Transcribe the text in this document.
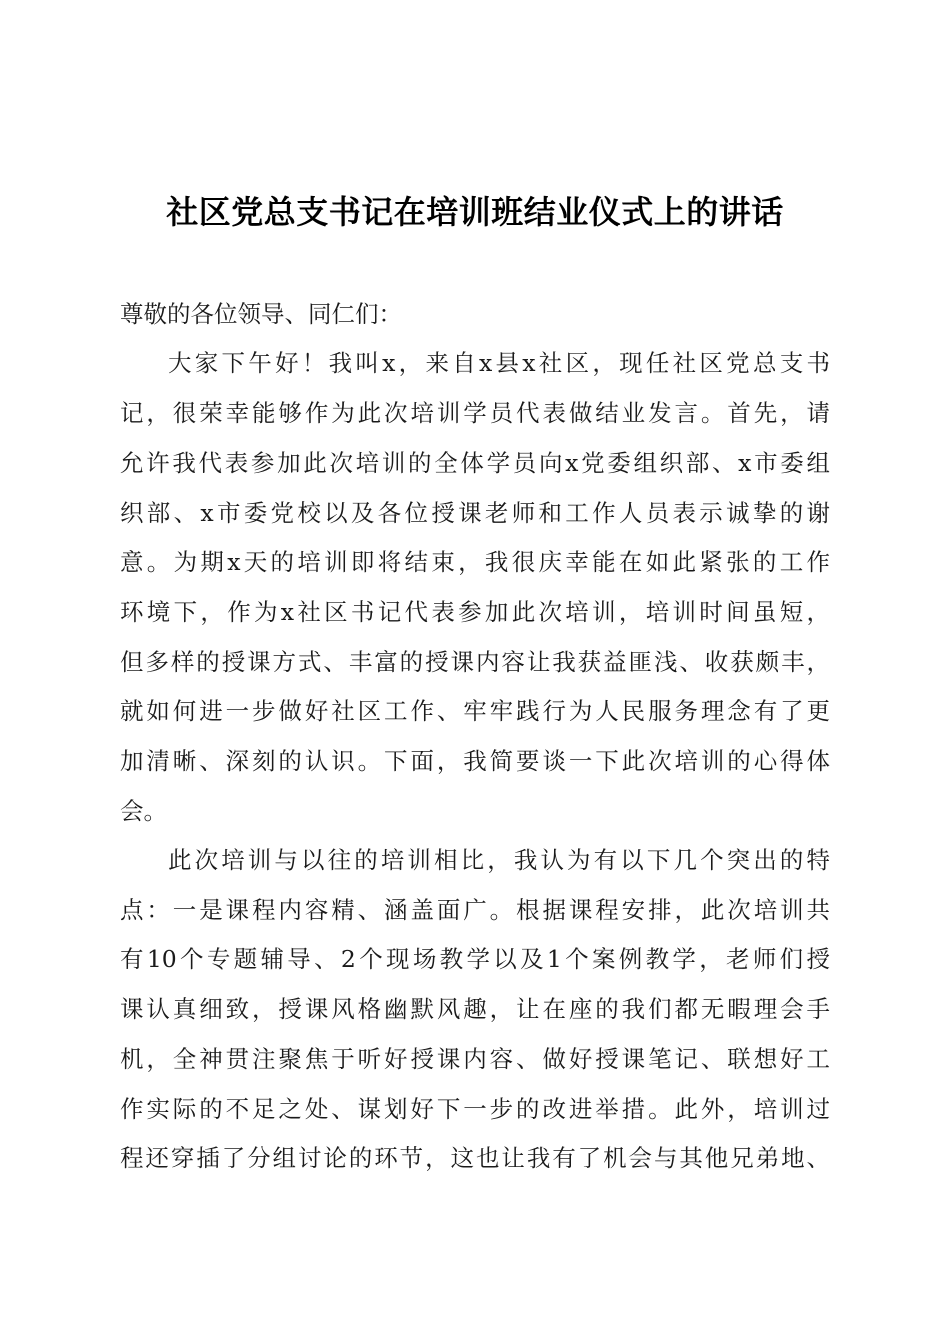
社区党总支书记在培训班结业仪式上的讲话

尊敬的各位领导、同仁们：

大家下午好！我叫x，来自x县x社区，现任社区党总支书

记，很荣幸能够作为此次培训学员代表做结业发言。首先，请

允许我代表参加此次培训的全体学员向x党委组织部、x市委组

织部、x市委党校以及各位授课老师和工作人员表示诚挚的谢

意。为期x天的培训即将结束，我很庆幸能在如此紧张的工作

环境下，作为x社区书记代表参加此次培训，培训时间虽短，

但多样的授课方式、丰富的授课内容让我获益匪浅、收获颇丰，

就如何进一步做好社区工作、牢牢践行为人民服务理念有了更

加清晰、深刻的认识。下面，我简要谈一下此次培训的心得体

会。

此次培训与以往的培训相比，我认为有以下几个突出的特

点：一是课程内容精、涵盖面广。根据课程安排，此次培训共

有10个专题辅导、2个现场教学以及1个案例教学，老师们授

课认真细致，授课风格幽默风趣，让在座的我们都无暇理会手

机，全神贯注聚焦于听好授课内容、做好授课笔记、联想好工

作实际的不足之处、谋划好下一步的改进举措。此外，培训过

程还穿插了分组讨论的环节，这也让我有了机会与其他兄弟地、
